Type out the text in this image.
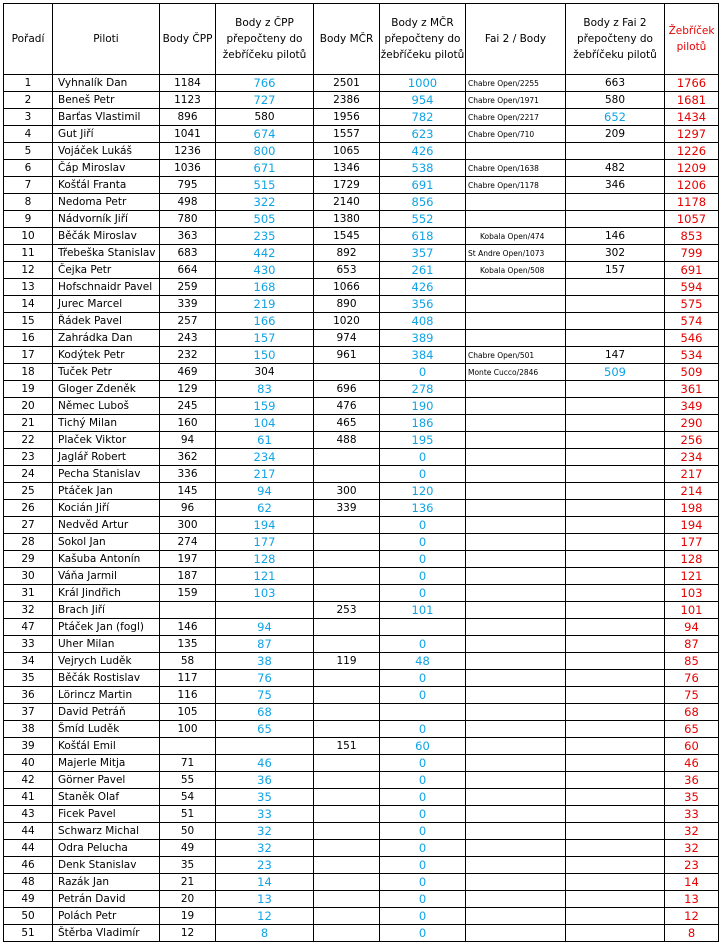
Pořadí	Piloti	Body ČPP	Body z ČPP přepočteny do žebříčeku pilotů	Body MČR	Body z MČR přepočteny do žebříčeku pilotů	Fai 2 / Body	Body z Fai 2 přepočteny do žebříčeku pilotů	Žebříček pilotů
1	Vyhnalík Dan	1184	766	2501	1000	Chabre Open/2255	663	1766
2	Beneš Petr	1123	727	2386	954	Chabre Open/1971	580	1681
3	Barťas Vlastimil	896	580	1956	782	Chabre Open/2217	652	1434
4	Gut Jiří	1041	674	1557	623	Chabre Open/710	209	1297
5	Vojáček Lukáš	1236	800	1065	426			1226
6	Čáp Miroslav	1036	671	1346	538	Chabre Open/1638	482	1209
7	Košťál Franta	795	515	1729	691	Chabre Open/1178	346	1206
8	Nedoma Petr	498	322	2140	856			1178
9	Nádvorník Jiří	780	505	1380	552			1057
10	Běčák Miroslav	363	235	1545	618	Kobala Open/474	146	853
11	Třebeška Stanislav	683	442	892	357	St Andre Open/1073	302	799
12	Čejka Petr	664	430	653	261	Kobala Open/508	157	691
13	Hofschnaidr Pavel	259	168	1066	426			594
14	Jurec Marcel	339	219	890	356			575
15	Řádek Pavel	257	166	1020	408			574
16	Zahrádka Dan	243	157	974	389			546
17	Kodýtek Petr	232	150	961	384	Chabre Open/501	147	534
18	Tuček Petr	469	304		0	Monte Cucco/2846	509	509
19	Gloger Zdeněk	129	83	696	278			361
20	Němec Luboš	245	159	476	190			349
21	Tichý Milan	160	104	465	186			290
22	Plaček Viktor	94	61	488	195			256
23	Jaglář Robert	362	234		0			234
24	Pecha Stanislav	336	217		0			217
25	Ptáček Jan	145	94	300	120			214
26	Kocián Jiří	96	62	339	136			198
27	Nedvěd Artur	300	194		0			194
28	Sokol Jan	274	177		0			177
29	Kašuba Antonín	197	128		0			128
30	Váňa Jarmil	187	121		0			121
31	Král Jindřich	159	103		0			103
32	Brach Jiří			253	101			101
47	Ptáček Jan (fogl)	146	94					94
33	Uher Milan	135	87		0			87
34	Vejrych Luděk	58	38	119	48			85
35	Běčák Rostislav	117	76		0			76
36	Lörincz Martin	116	75		0			75
37	David Petráň	105	68					68
38	Šmíd Luděk	100	65		0			65
39	Košťál Emil			151	60			60
40	Majerle Mitja	71	46		0			46
42	Görner Pavel	55	36		0			36
41	Staněk Olaf	54	35		0			35
43	Ficek Pavel	51	33		0			33
44	Schwarz Michal	50	32		0			32
44	Odra Pelucha	49	32		0			32
46	Denk Stanislav	35	23		0			23
48	Razák Jan	21	14		0			14
49	Petrán David	20	13		0			13
50	Polách Petr	19	12		0			12
51	Štěrba Vladimír	12	8		0			8
